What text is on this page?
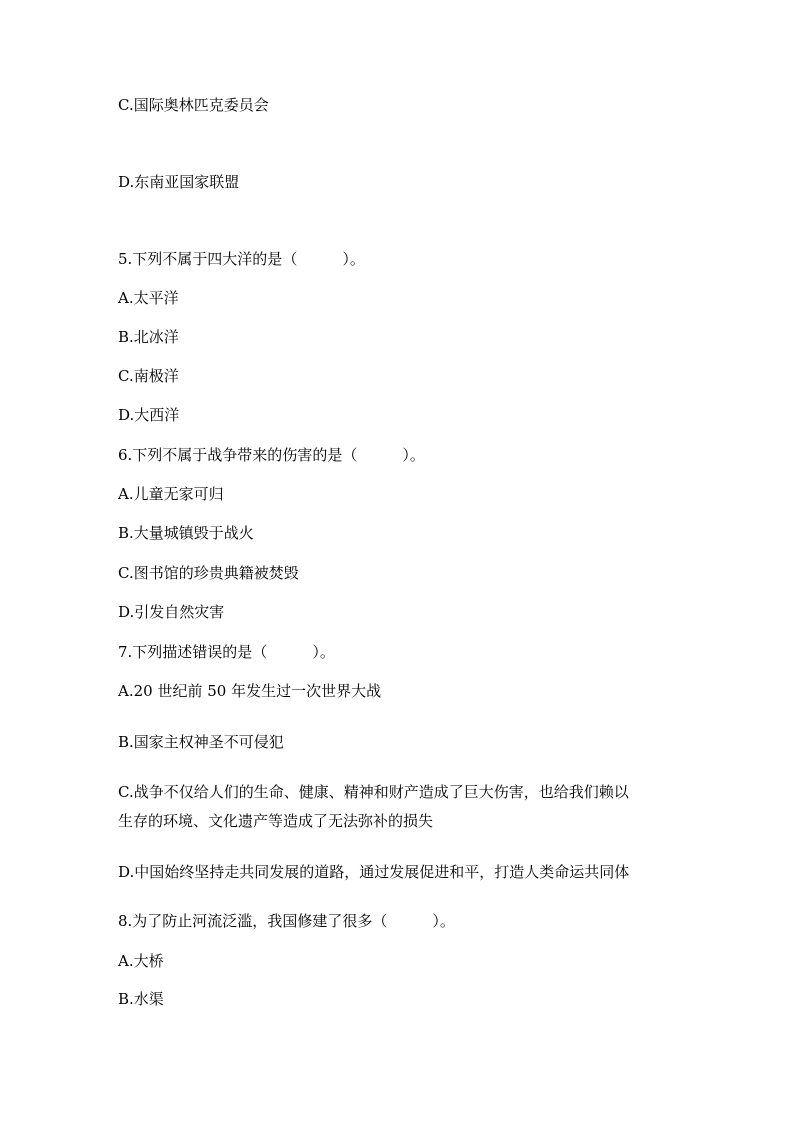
C.国际奥林匹克委员会
D.东南亚国家联盟
5.下列不属于四大洋的是（　　　）。
A.太平洋
B.北冰洋
C.南极洋
D.大西洋
6.下列不属于战争带来的伤害的是（　　　）。
A.儿童无家可归
B.大量城镇毁于战火
C.图书馆的珍贵典籍被焚毁
D.引发自然灾害
7.下列描述错误的是（　　　）。
A.20 世纪前 50 年发生过一次世界大战
B.国家主权神圣不可侵犯
C.战争不仅给人们的生命、健康、精神和财产造成了巨大伤害，也给我们赖以
生存的环境、文化遗产等造成了无法弥补的损失
D.中国始终坚持走共同发展的道路，通过发展促进和平，打造人类命运共同体
8.为了防止河流泛滥，我国修建了很多（　　　）。
A.大桥
B.水渠
